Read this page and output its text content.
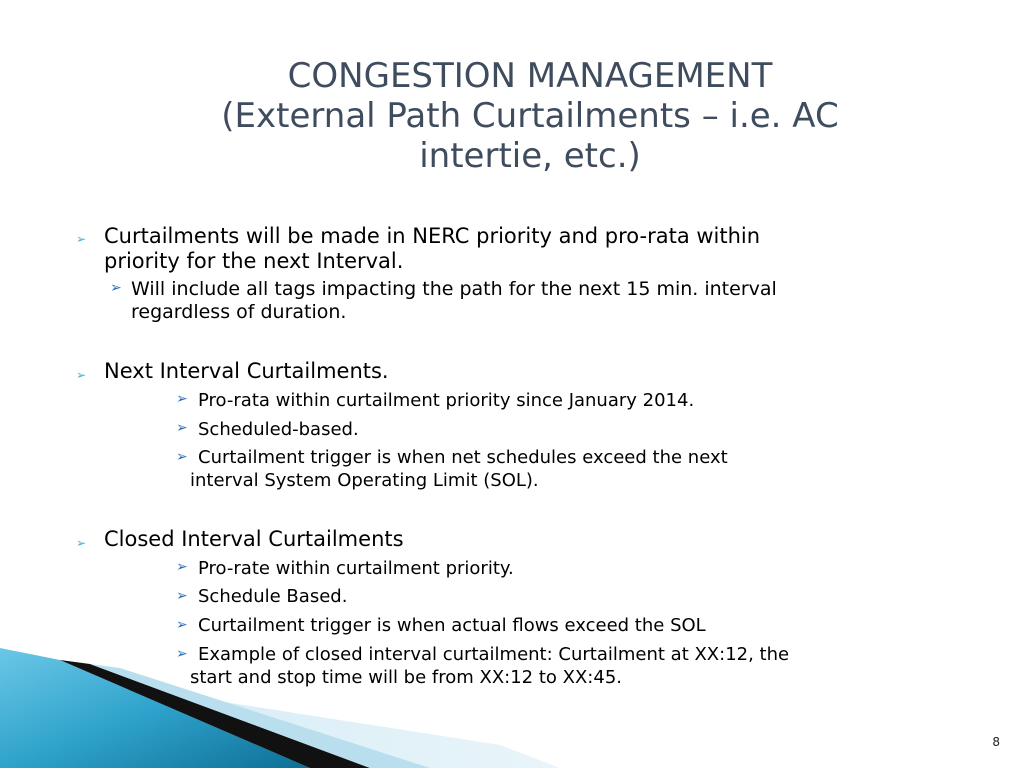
CONGESTION MANAGEMENT
(External Path Curtailments – i.e. AC
intertie, etc.)
➢ Curtailments will be made in NERC priority and pro-rata within
priority for the next Interval.
➢ Will include all tags impacting the path for the next 15 min. interval
regardless of duration.
➢ Next Interval Curtailments.
➢ Pro-rata within curtailment priority since January 2014.
➢ Scheduled-based.
➢ Curtailment trigger is when net schedules exceed the next
interval System Operating Limit (SOL).
➢ Closed Interval Curtailments
➢ Pro-rate within curtailment priority.
➢ Schedule Based.
➢ Curtailment trigger is when actual flows exceed the SOL
➢ Example of closed interval curtailment: Curtailment at XX:12, the
start and stop time will be from XX:12 to XX:45.
8
